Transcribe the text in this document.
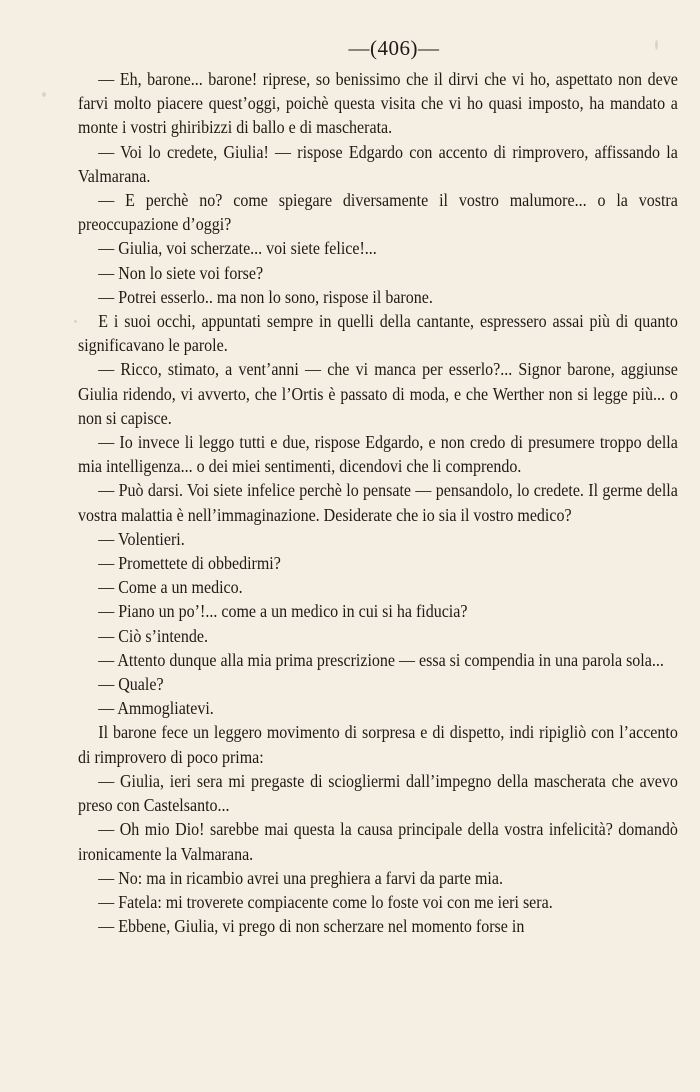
—(406)—

— Eh, barone... barone! riprese, so benissimo che il dirvi che vi ho, aspettato non deve farvi molto piacere quest’oggi, poichè questa visita che vi ho quasi imposto, ha mandato a monte i vostri ghiribizzi di ballo e di mascherata.

— Voi lo credete, Giulia! — rispose Edgardo con accento di rimprovero, affissando la Valmarana.

— E perchè no? come spiegare diversamente il vostro malumore... o la vostra preoccupazione d’oggi?

— Giulia, voi scherzate... voi siete felice!...

— Non lo siete voi forse?

— Potrei esserlo.. ma non lo sono, rispose il barone.

E i suoi occhi, appuntati sempre in quelli della cantante, espressero assai più di quanto significavano le parole.

— Ricco, stimato, a vent’anni — che vi manca per esserlo?... Signor barone, aggiunse Giulia ridendo, vi avverto, che l’Ortis è passato di moda, e che Werther non si legge più... o non si capisce.

— Io invece li leggo tutti e due, rispose Edgardo, e non credo di presumere troppo della mia intelligenza... o dei miei sentimenti, dicendovi che li comprendo.

— Può darsi. Voi siete infelice perchè lo pensate — pensandolo, lo credete. Il germe della vostra malattia è nell’immaginazione. Desiderate che io sia il vostro medico?

— Volentieri.

— Promettete di obbedirmi?

— Come a un medico.

— Piano un po’!... come a un medico in cui si ha fiducia?

— Ciò s’intende.

— Attento dunque alla mia prima prescrizione — essa si compendia in una parola sola...

— Quale?

— Ammogliatevi.

Il barone fece un leggero movimento di sorpresa e di dispetto, indi ripigliò con l’accento di rimprovero di poco prima:

— Giulia, ieri sera mi pregaste di sciogliermi dall’impegno della mascherata che avevo preso con Castelsanto...

— Oh mio Dio! sarebbe mai questa la causa principale della vostra infelicità? domandò ironicamente la Valmarana.

— No: ma in ricambio avrei una preghiera a farvi da parte mia.

— Fatela: mi troverete compiacente come lo foste voi con me ieri sera.

— Ebbene, Giulia, vi prego di non scherzare nel momento forse in
